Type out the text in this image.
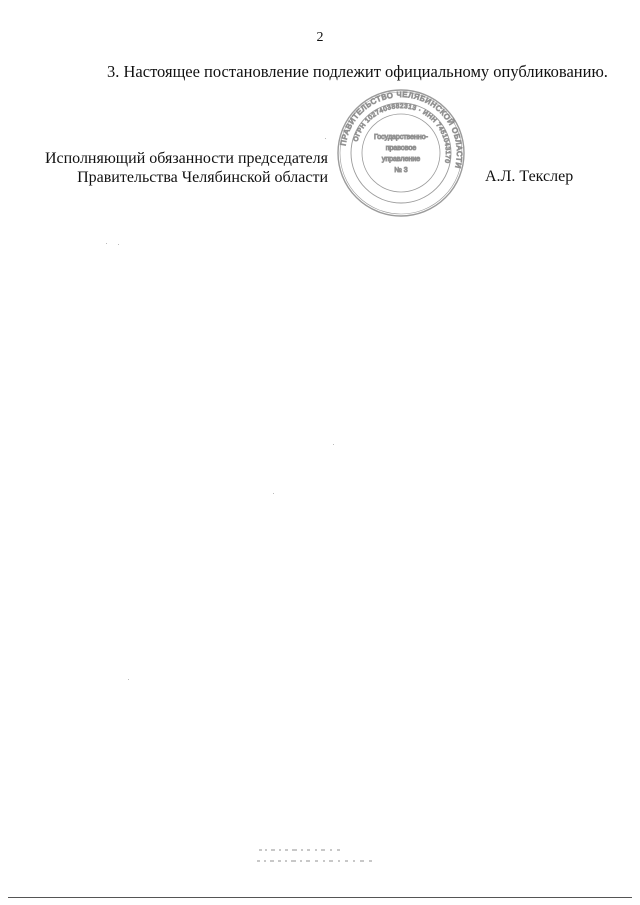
2
3. Настоящее постановление подлежит официальному опубликованию.
Исполняющий обязанности председателя
Правительства Челябинской области
ПРАВИТЕЛЬСТВО ЧЕЛЯБИНСКОЙ ОБЛАСТИ
ОГРН 1027403882313 · ИНН 7451043170
Государственно-
правовое
управление
№ 3	А.Л. Текслер
